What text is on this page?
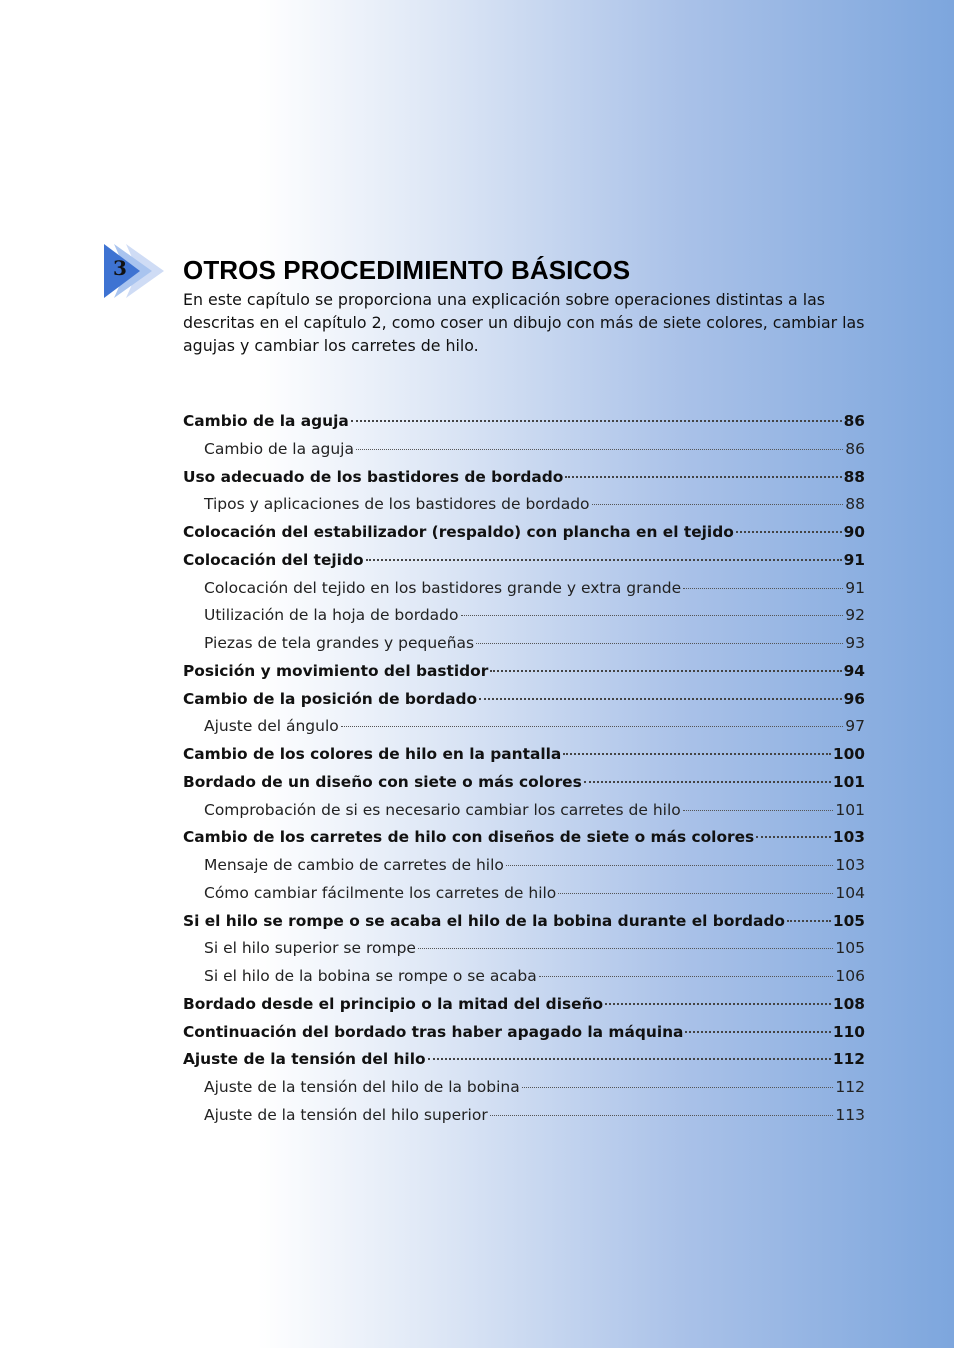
3 OTROS PROCEDIMIENTO BÁSICOS

En este capítulo se proporciona una explicación sobre operaciones distintas a las descritas en el capítulo 2, como coser un dibujo con más de siete colores, cambiar las agujas y cambiar los carretes de hilo.

Cambio de la aguja	86
Cambio de la aguja	86
Uso adecuado de los bastidores de bordado	88
Tipos y aplicaciones de los bastidores de bordado	88
Colocación del estabilizador (respaldo) con plancha en el tejido	90
Colocación del tejido	91
Colocación del tejido en los bastidores grande y extra grande	91
Utilización de la hoja de bordado	92
Piezas de tela grandes y pequeñas	93
Posición y movimiento del bastidor	94
Cambio de la posición de bordado	96
Ajuste del ángulo	97
Cambio de los colores de hilo en la pantalla	100
Bordado de un diseño con siete o más colores	101
Comprobación de si es necesario cambiar los carretes de hilo	101
Cambio de los carretes de hilo con diseños de siete o más colores	103
Mensaje de cambio de carretes de hilo	103
Cómo cambiar fácilmente los carretes de hilo	104
Si el hilo se rompe o se acaba el hilo de la bobina durante el bordado	105
Si el hilo superior se rompe	105
Si el hilo de la bobina se rompe o se acaba	106
Bordado desde el principio o la mitad del diseño	108
Continuación del bordado tras haber apagado la máquina	110
Ajuste de la tensión del hilo	112
Ajuste de la tensión del hilo de la bobina	112
Ajuste de la tensión del hilo superior	113
